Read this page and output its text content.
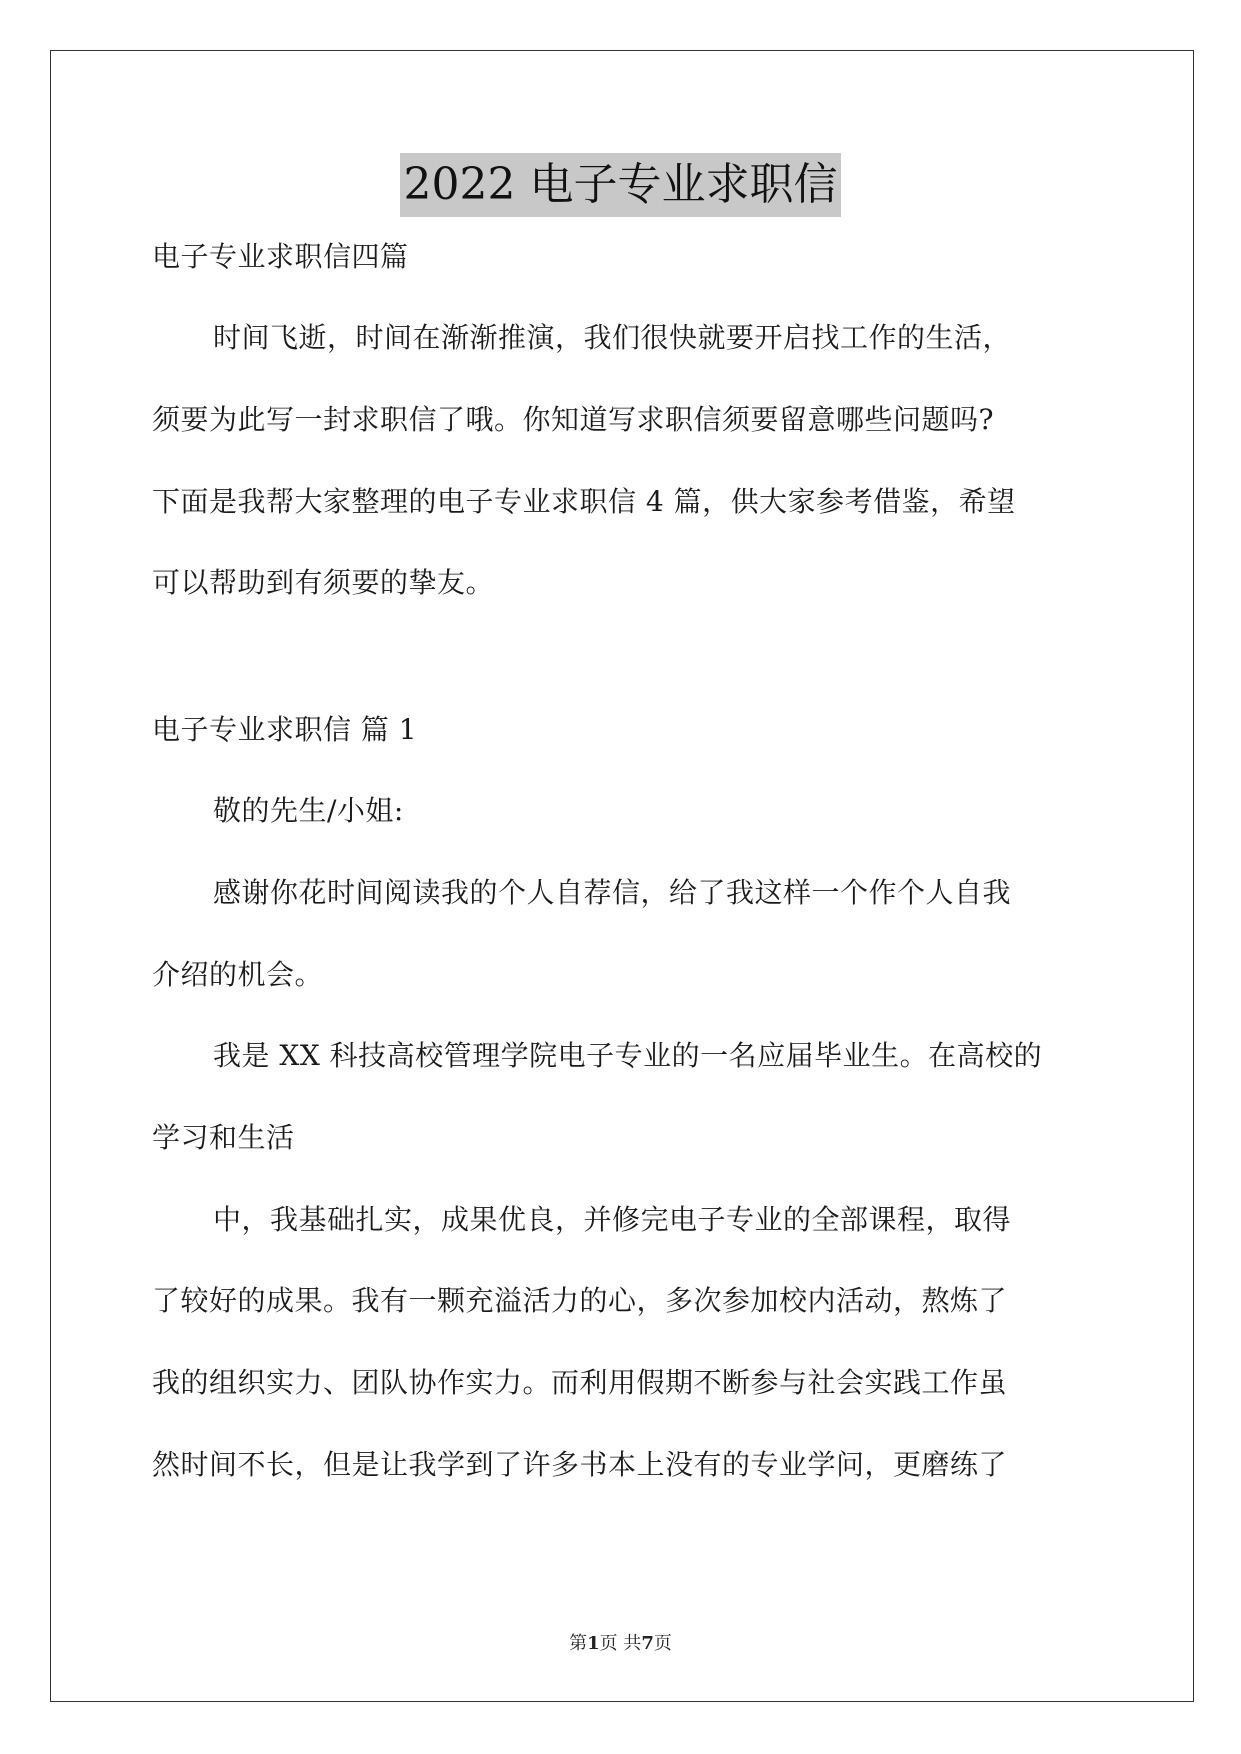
2022 电子专业求职信
电子专业求职信四篇
时间飞逝，时间在渐渐推演，我们很快就要开启找工作的生活，
须要为此写一封求职信了哦。你知道写求职信须要留意哪些问题吗?
下面是我帮大家整理的电子专业求职信 4 篇，供大家参考借鉴，希望
可以帮助到有须要的挚友。
电子专业求职信 篇 1
敬的先生/小姐:
感谢你花时间阅读我的个人自荐信，给了我这样一个作个人自我
介绍的机会。
我是 XX 科技高校管理学院电子专业的一名应届毕业生。在高校的
学习和生活
中，我基础扎实，成果优良，并修完电子专业的全部课程，取得
了较好的成果。我有一颗充溢活力的心，多次参加校内活动，熬炼了
我的组织实力、团队协作实力。而利用假期不断参与社会实践工作虽
然时间不长，但是让我学到了许多书本上没有的专业学问，更磨练了
第1页 共7页
